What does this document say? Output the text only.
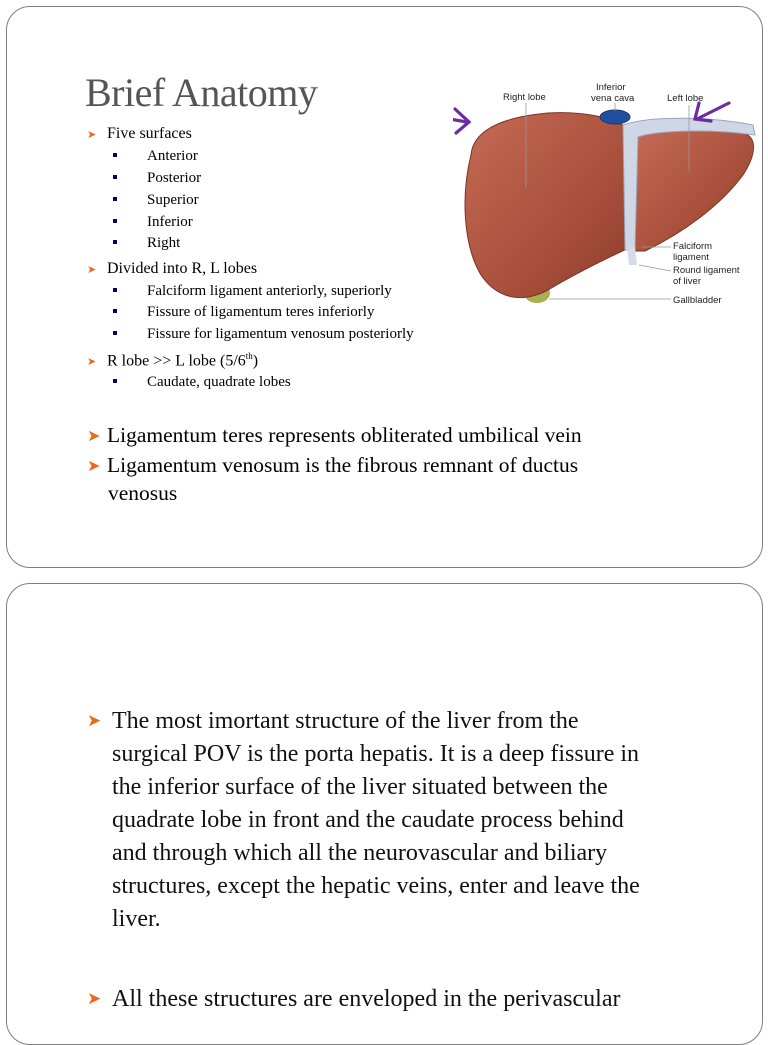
Brief Anatomy
➤ Five surfaces
Anterior
Posterior
Superior
Inferior
Right
➤ Divided into R, L lobes
Falciform ligament anteriorly, superiorly
Fissure of ligamentum teres inferiorly
Fissure for ligamentum venosum posteriorly
➤ R lobe >> L lobe (5/6th)
Caudate, quadrate lobes
➤ Ligamentum teres represents obliterated umbilical vein
➤ Ligamentum venosum is the fibrous remnant of ductus
venosus
Right lobe
Inferior
vena cava	Left lobe
Falciform
ligament
Round ligament
of liver
Gallbladder
➤ The most imortant structure of the liver from the
surgical POV is the porta hepatis. It is a deep fissure in
the inferior surface of the liver situated between the
quadrate lobe in front and the caudate process behind
and through which all the neurovascular and biliary
structures, except the hepatic veins, enter and leave the
liver.
➤ All these structures are enveloped in the perivascular
